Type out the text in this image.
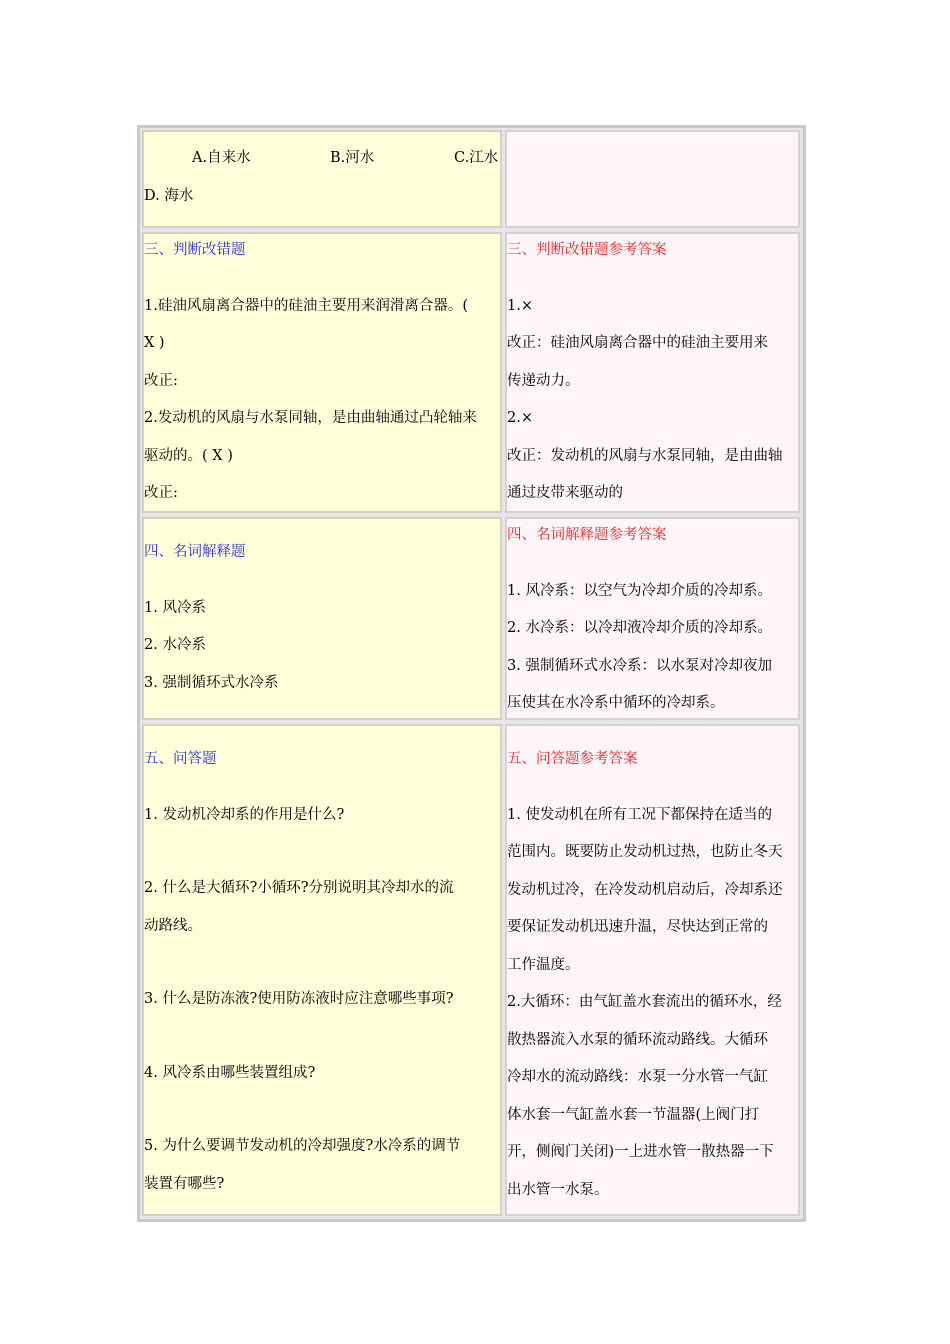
A.自来水	B.河水	C.江水

D. 海水

三、判断改错题

1.硅油风扇离合器中的硅油主要用来润滑离合器。(

X )

改正:

2.发动机的风扇与水泵同轴，是由曲轴通过凸轮轴来

驱动的。( X )

改正:

三、判断改错题参考答案

1.×

改正：硅油风扇离合器中的硅油主要用来

传递动力。

2.×

改正：发动机的风扇与水泵同轴，是由曲轴

通过皮带来驱动的

四、名词解释题

1. 风冷系

2. 水冷系

3. 强制循环式水冷系

四、名词解释题参考答案

1. 风冷系：以空气为冷却介质的冷却系。

2. 水冷系：以冷却液冷却介质的冷却系。

3. 强制循环式水冷系：以水泵对冷却夜加

压使其在水冷系中循环的冷却系。

五、问答题

1. 发动机冷却系的作用是什么?

2. 什么是大循环?小循环?分别说明其冷却水的流

动路线。

3. 什么是防冻液?使用防冻液时应注意哪些事项?

4. 风冷系由哪些装置组成?

5. 为什么要调节发动机的冷却强度?水冷系的调节

装置有哪些?

五、问答题参考答案

1. 使发动机在所有工况下都保持在适当的

范围内。既要防止发动机过热，也防止冬天

发动机过冷，在冷发动机启动后，冷却系还

要保证发动机迅速升温，尽快达到正常的

工作温度。

2.大循环：由气缸盖水套流出的循环水，经

散热器流入水泵的循环流动路线。大循环

冷却水的流动路线：水泵一分水管一气缸

体水套一气缸盖水套一节温器(上阀门打

开，侧阀门关闭)一上进水管一散热器一下

出水管一水泵。
